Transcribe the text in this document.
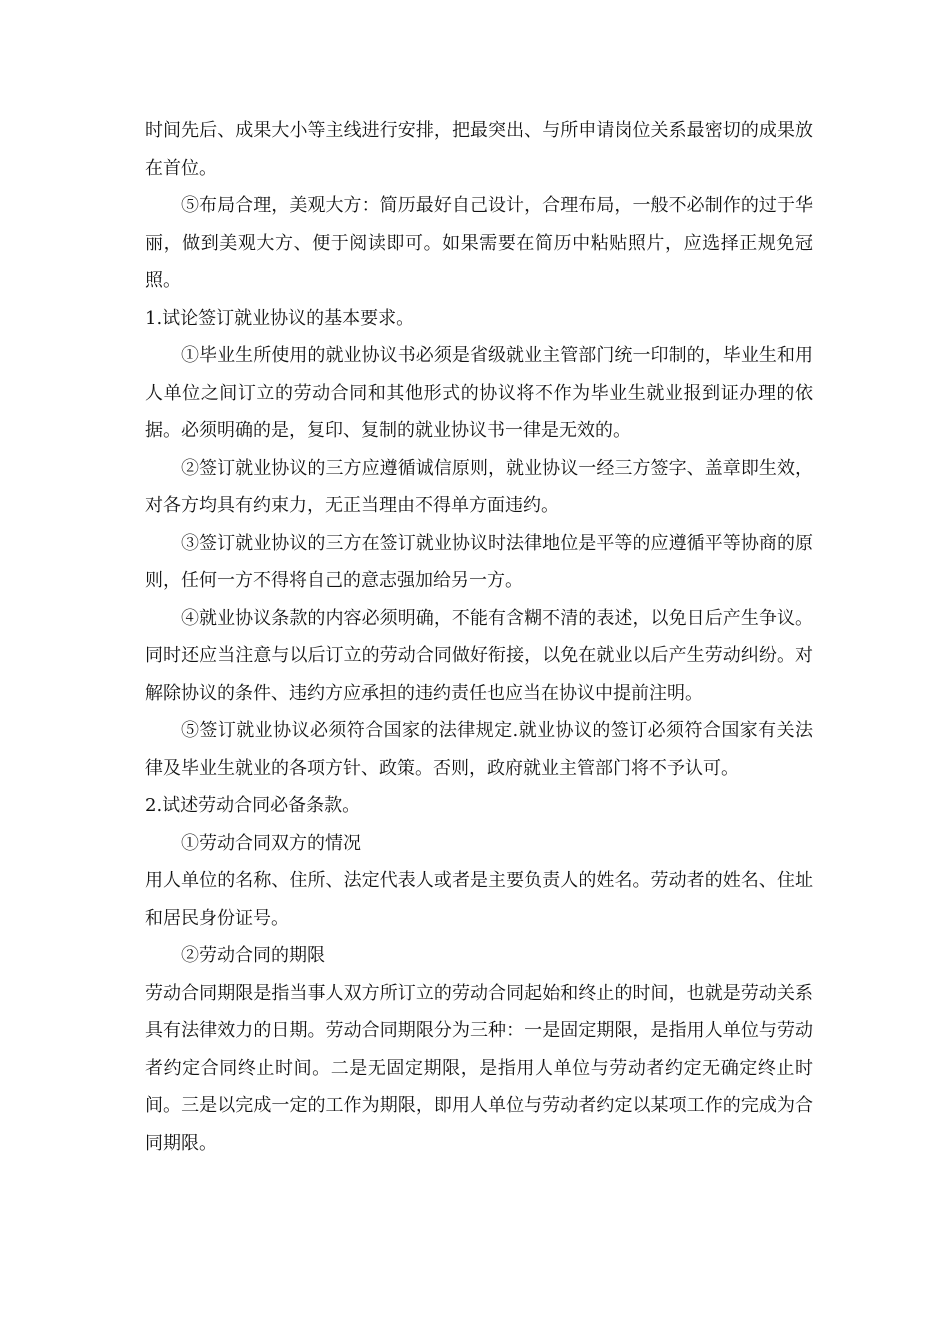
时间先后、成果大小等主线进行安排，把最突出、与所申请岗位关系最密切的成果放在首位。

⑤布局合理，美观大方：简历最好自己设计，合理布局，一般不必制作的过于华丽，做到美观大方、便于阅读即可。如果需要在简历中粘贴照片，应选择正规免冠照。

1.试论签订就业协议的基本要求。

①毕业生所使用的就业协议书必须是省级就业主管部门统一印制的，毕业生和用人单位之间订立的劳动合同和其他形式的协议将不作为毕业生就业报到证办理的依据。必须明确的是，复印、复制的就业协议书一律是无效的。

②签订就业协议的三方应遵循诚信原则，就业协议一经三方签字、盖章即生效，对各方均具有约束力，无正当理由不得单方面违约。

③签订就业协议的三方在签订就业协议时法律地位是平等的应遵循平等协商的原则，任何一方不得将自己的意志强加给另一方。

④就业协议条款的内容必须明确，不能有含糊不清的表述，以免日后产生争议。同时还应当注意与以后订立的劳动合同做好衔接，以免在就业以后产生劳动纠纷。对解除协议的条件、违约方应承担的违约责任也应当在协议中提前注明。

⑤签订就业协议必须符合国家的法律规定.就业协议的签订必须符合国家有关法律及毕业生就业的各项方针、政策。否则，政府就业主管部门将不予认可。

2.试述劳动合同必备条款。

①劳动合同双方的情况

用人单位的名称、住所、法定代表人或者是主要负责人的姓名。劳动者的姓名、住址和居民身份证号。

②劳动合同的期限

劳动合同期限是指当事人双方所订立的劳动合同起始和终止的时间，也就是劳动关系具有法律效力的日期。劳动合同期限分为三种：一是固定期限，是指用人单位与劳动者约定合同终止时间。二是无固定期限，是指用人单位与劳动者约定无确定终止时间。三是以完成一定的工作为期限，即用人单位与劳动者约定以某项工作的完成为合同期限。
